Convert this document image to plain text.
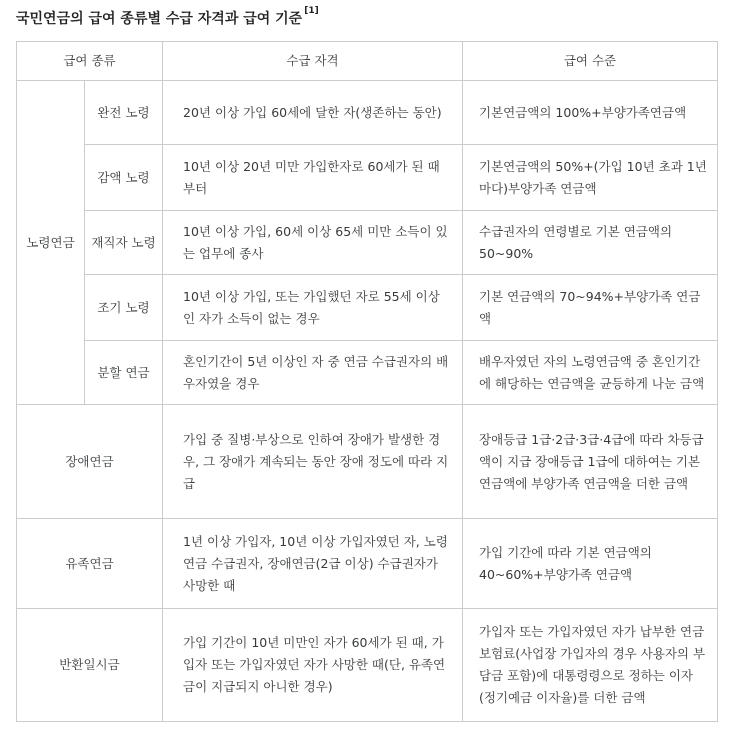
국민연금의 급여 종류별 수급 자격과 급여 기준 [1]
급여 종류		수급 자격	급여 수준
노령연금	완전 노령	20년 이상 가입 60세에 달한 자(생존하는 동안)	기본연금액의 100%+부양가족연금액
	감액 노령	10년 이상 20년 미만 가입한자로 60세가 된 때부터	기본연금액의 50%+(가입 10년 초과 1년마다)부양가족 연금액
	재직자 노령	10년 이상 가입, 60세 이상 65세 미만 소득이 있는 업무에 종사	수급권자의 연령별로 기본 연금액의 50~90%
	조기 노령	10년 이상 가입, 또는 가입했던 자로 55세 이상인 자가 소득이 없는 경우	기본 연금액의 70~94%+부양가족 연금액
	분할 연금	혼인기간이 5년 이상인 자 중 연금 수급권자의 배우자였을 경우	배우자였던 자의 노령연금액 중 혼인기간에 해당하는 연금액을 균등하게 나눈 금액
장애연금		가입 중 질병·부상으로 인하여 장애가 발생한 경우, 그 장애가 계속되는 동안 장애 정도에 따라 지급	장애등급 1급·2급·3급·4급에 따라 차등급액이 지급 장애등급 1급에 대하여는 기본연금액에 부양가족 연금액을 더한 금액
유족연금		1년 이상 가입자, 10년 이상 가입자였던 자, 노령연금 수급권자, 장애연금(2급 이상) 수급권자가 사망한 때	가입 기간에 따라 기본 연금액의 40~60%+부양가족 연금액
반환일시금		가입 기간이 10년 미만인 자가 60세가 된 때, 가입자 또는 가입자였던 자가 사망한 때(단, 유족연금이 지급되지 아니한 경우)	가입자 또는 가입자였던 자가 납부한 연금보험료(사업장 가입자의 경우 사용자의 부담금 포함)에 대통령령으로 정하는 이자(정기예금 이자율)를 더한 금액
